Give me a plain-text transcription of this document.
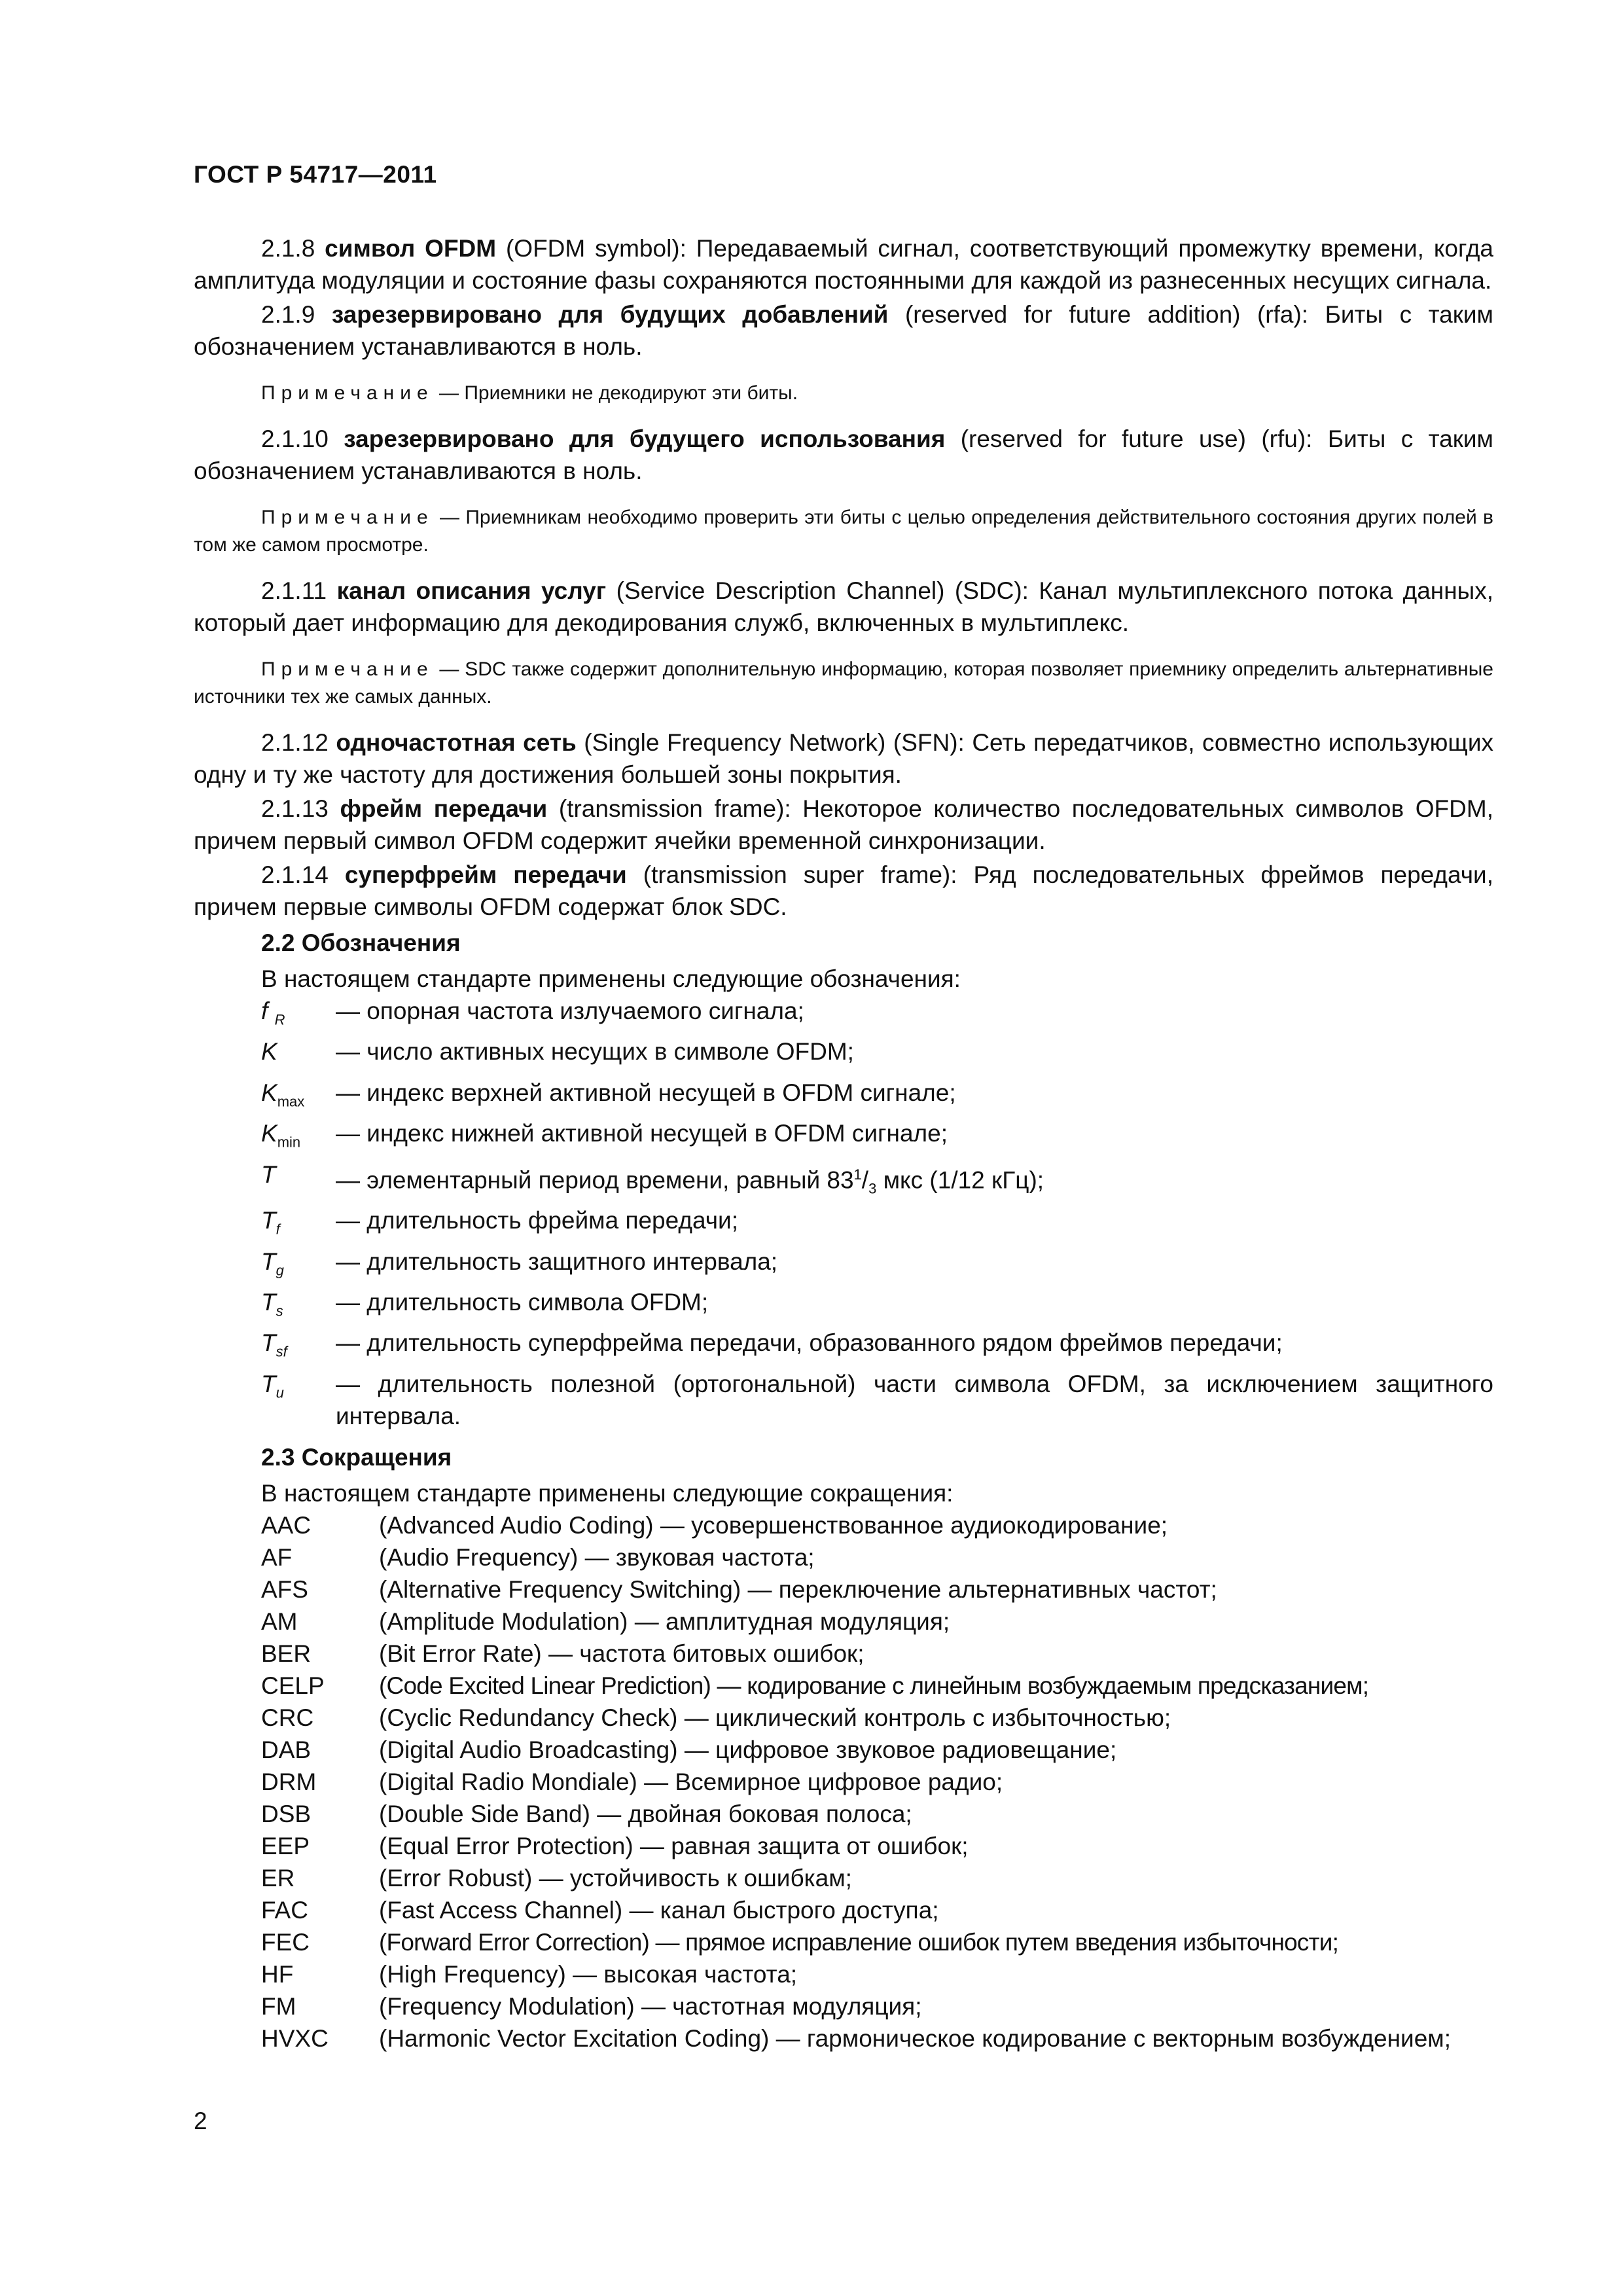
ГОСТ Р 54717—2011

2.1.8 символ OFDM (OFDM symbol): Передаваемый сигнал, соответствующий промежутку времени, когда амплитуда модуляции и состояние фазы сохраняются постоянными для каждой из разнесенных несущих сигнала.

2.1.9 зарезервировано для будущих добавлений (reserved for future addition) (rfa): Биты с таким обозначением устанавливаются в ноль.

Примечание — Приемники не декодируют эти биты.

2.1.10 зарезервировано для будущего использования (reserved for future use) (rfu): Биты с таким обозначением устанавливаются в ноль.

Примечание — Приемникам необходимо проверить эти биты с целью определения действительного состояния других полей в том же самом просмотре.

2.1.11 канал описания услуг (Service Description Channel) (SDC): Канал мультиплексного потока данных, который дает информацию для декодирования служб, включенных в мультиплекс.

Примечание — SDC также содержит дополнительную информацию, которая позволяет приемнику определить альтернативные источники тех же самых данных.

2.1.12 одночастотная сеть (Single Frequency Network) (SFN): Сеть передатчиков, совместно использующих одну и ту же частоту для достижения большей зоны покрытия.

2.1.13 фрейм передачи (transmission frame): Некоторое количество последовательных символов OFDM, причем первый символ OFDM содержит ячейки временной синхронизации.

2.1.14 суперфрейм передачи (transmission super frame): Ряд последовательных фреймов передачи, причем первые символы OFDM содержат блок SDC.

2.2 Обозначения

В настоящем стандарте применены следующие обозначения:

f $_R$	— опорная частота излучаемого сигнала;
K	— число активных несущих в символе OFDM;
$K_{max}$	— индекс верхней активной несущей в OFDM сигнале;
$K_{min}$	— индекс нижней активной несущей в OFDM сигнале;
T	— элементарный период времени, равный $83^1/_3$ мкс (1/12 кГц);
$T_f$	— длительность фрейма передачи;
$T_g$	— длительность защитного интервала;
$T_s$	— длительность символа OFDM;
$T_{sf}$	— длительность суперфрейма передачи, образованного рядом фреймов передачи;
$T_u$	— длительность полезной (ортогональной) части символа OFDM, за исключением защитного интервала.

2.3 Сокращения

В настоящем стандарте применены следующие сокращения:

AAC	(Advanced Audio Coding) — усовершенствованное аудиокодирование;
AF	(Audio Frequency) — звуковая частота;
AFS	(Alternative Frequency Switching) — переключение альтернативных частот;
AM	(Amplitude Modulation) — амплитудная модуляция;
BER	(Bit Error Rate) — частота битовых ошибок;
CELP	(Code Excited Linear Prediction) — кодирование с линейным возбуждаемым предсказанием;
CRC	(Cyclic Redundancy Check) — циклический контроль с избыточностью;
DAB	(Digital Audio Broadcasting) — цифровое звуковое радиовещание;
DRM	(Digital Radio Mondiale) — Всемирное цифровое радио;
DSB	(Double Side Band) — двойная боковая полоса;
EEP	(Equal Error Protection) — равная защита от ошибок;
ER	(Error Robust) — устойчивость к ошибкам;
FAC	(Fast Access Channel) — канал быстрого доступа;
FEC	(Forward Error Correction) — прямое исправление ошибок путем введения избыточности;
HF	(High Frequency) — высокая частота;
FM	(Frequency Modulation) — частотная модуляция;
HVXC	(Harmonic Vector Excitation Coding) — гармоническое кодирование с векторным возбуждением;
2
